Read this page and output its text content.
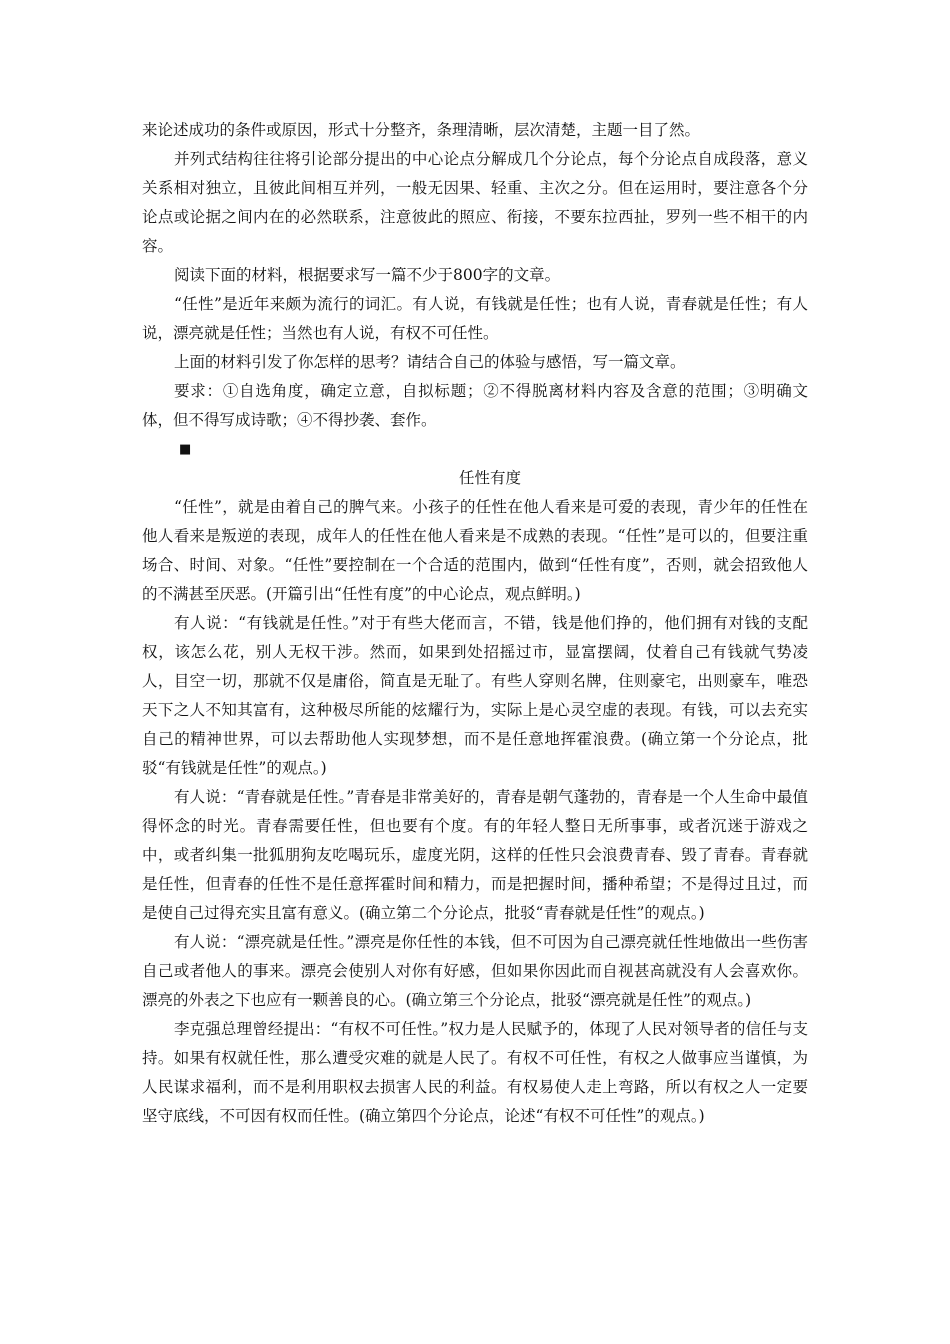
来论述成功的条件或原因，形式十分整齐，条理清晰，层次清楚，主题一目了然。

并列式结构往往将引论部分提出的中心论点分解成几个分论点，每个分论点自成段落，意义关系相对独立，且彼此间相互并列，一般无因果、轻重、主次之分。但在运用时，要注意各个分论点或论据之间内在的必然联系，注意彼此的照应、衔接，不要东拉西扯，罗列一些不相干的内容。

阅读下面的材料，根据要求写一篇不少于800字的文章。

“任性”是近年来颇为流行的词汇。有人说，有钱就是任性；也有人说，青春就是任性；有人说，漂亮就是任性；当然也有人说，有权不可任性。

上面的材料引发了你怎样的思考？请结合自己的体验与感悟，写一篇文章。

要求：①自选角度，确定立意，自拟标题；②不得脱离材料内容及含意的范围；③明确文体，但不得写成诗歌；④不得抄袭、套作。

■

任性有度

“任性”，就是由着自己的脾气来。小孩子的任性在他人看来是可爱的表现，青少年的任性在他人看来是叛逆的表现，成年人的任性在他人看来是不成熟的表现。“任性”是可以的，但要注重场合、时间、对象。“任性”要控制在一个合适的范围内，做到“任性有度”，否则，就会招致他人的不满甚至厌恶。(开篇引出“任性有度”的中心论点，观点鲜明。)

有人说：“有钱就是任性。”对于有些大佬而言，不错，钱是他们挣的，他们拥有对钱的支配权，该怎么花，别人无权干涉。然而，如果到处招摇过市，显富摆阔，仗着自己有钱就气势凌人，目空一切，那就不仅是庸俗，简直是无耻了。有些人穿则名牌，住则豪宅，出则豪车，唯恐天下之人不知其富有，这种极尽所能的炫耀行为，实际上是心灵空虚的表现。有钱，可以去充实自己的精神世界，可以去帮助他人实现梦想，而不是任意地挥霍浪费。(确立第一个分论点，批驳“有钱就是任性”的观点。)

有人说：“青春就是任性。”青春是非常美好的，青春是朝气蓬勃的，青春是一个人生命中最值得怀念的时光。青春需要任性，但也要有个度。有的年轻人整日无所事事，或者沉迷于游戏之中，或者纠集一批狐朋狗友吃喝玩乐，虚度光阴，这样的任性只会浪费青春、毁了青春。青春就是任性，但青春的任性不是任意挥霍时间和精力，而是把握时间，播种希望；不是得过且过，而是使自己过得充实且富有意义。(确立第二个分论点，批驳“青春就是任性”的观点。)

有人说：“漂亮就是任性。”漂亮是你任性的本钱，但不可因为自己漂亮就任性地做出一些伤害自己或者他人的事来。漂亮会使别人对你有好感，但如果你因此而自视甚高就没有人会喜欢你。漂亮的外表之下也应有一颗善良的心。(确立第三个分论点，批驳“漂亮就是任性”的观点。)

李克强总理曾经提出：“有权不可任性。”权力是人民赋予的，体现了人民对领导者的信任与支持。如果有权就任性，那么遭受灾难的就是人民了。有权不可任性，有权之人做事应当谨慎，为人民谋求福利，而不是利用职权去损害人民的利益。有权易使人走上弯路，所以有权之人一定要坚守底线，不可因有权而任性。(确立第四个分论点，论述“有权不可任性”的观点。)
